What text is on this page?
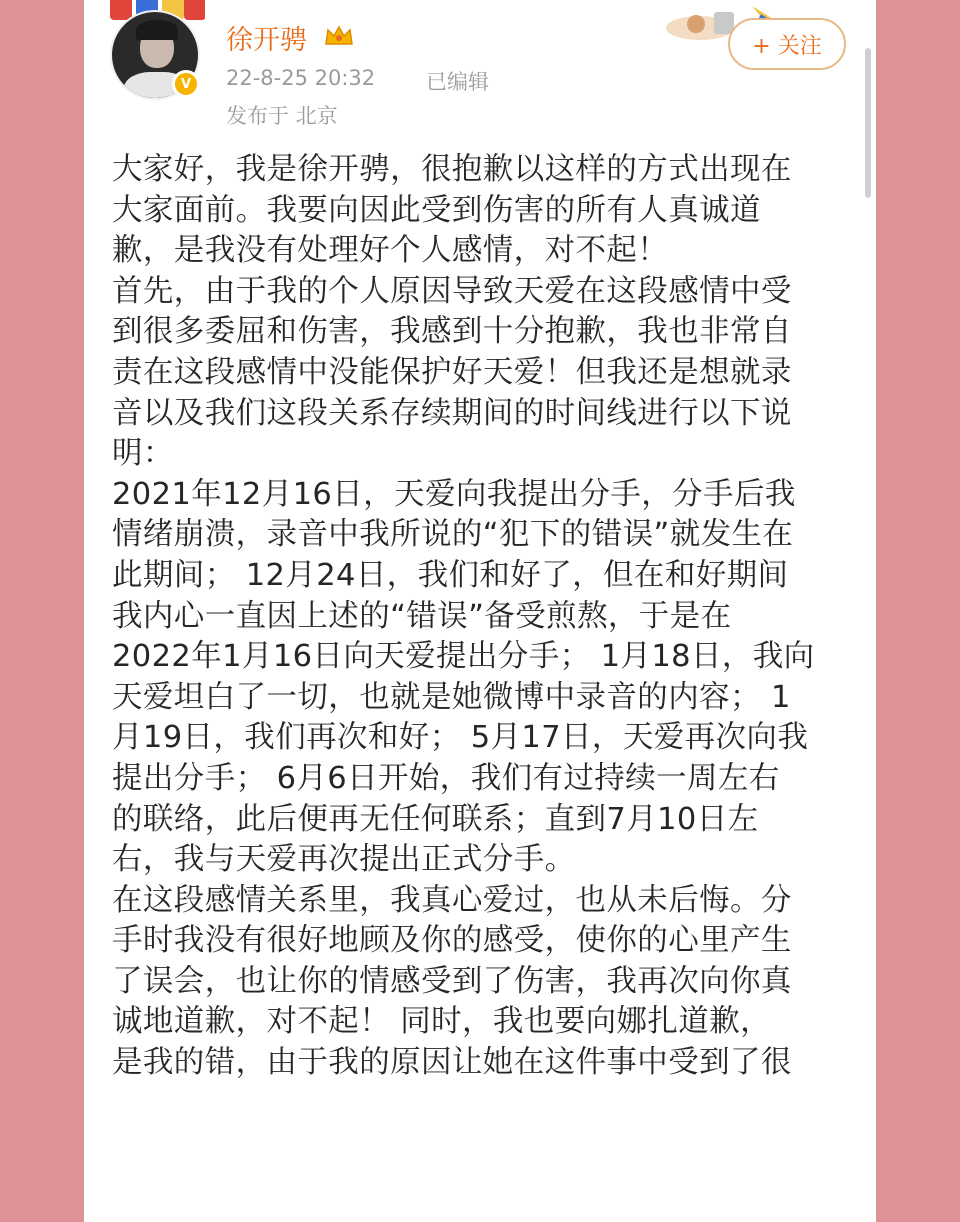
V
徐开骋
22-8-25 20:32 已编辑
发布于 北京
+ 关注

大家好，我是徐开骋，很抱歉以这样的方式出现在

大家面前。我要向因此受到伤害的所有人真诚道

歉，是我没有处理好个人感情，对不起！

首先，由于我的个人原因导致天爱在这段感情中受

到很多委屈和伤害，我感到十分抱歉，我也非常自

责在这段感情中没能保护好天爱！但我还是想就录

音以及我们这段关系存续期间的时间线进行以下说

明：

2021年12月16日，天爱向我提出分手，分手后我

情绪崩溃，录音中我所说的“犯下的错误”就发生在

此期间； 12月24日，我们和好了，但在和好期间

我内心一直因上述的“错误”备受煎熬，于是在

2022年1月16日向天爱提出分手； 1月18日，我向

天爱坦白了一切，也就是她微博中录音的内容； 1

月19日，我们再次和好； 5月17日，天爱再次向我

提出分手； 6月6日开始，我们有过持续一周左右

的联络，此后便再无任何联系；直到7月10日左

右，我与天爱再次提出正式分手。

在这段感情关系里，我真心爱过，也从未后悔。分

手时我没有很好地顾及你的感受，使你的心里产生

了误会，也让你的情感受到了伤害，我再次向你真

诚地道歉，对不起！ 同时，我也要向娜扎道歉，

是我的错，由于我的原因让她在这件事中受到了很
